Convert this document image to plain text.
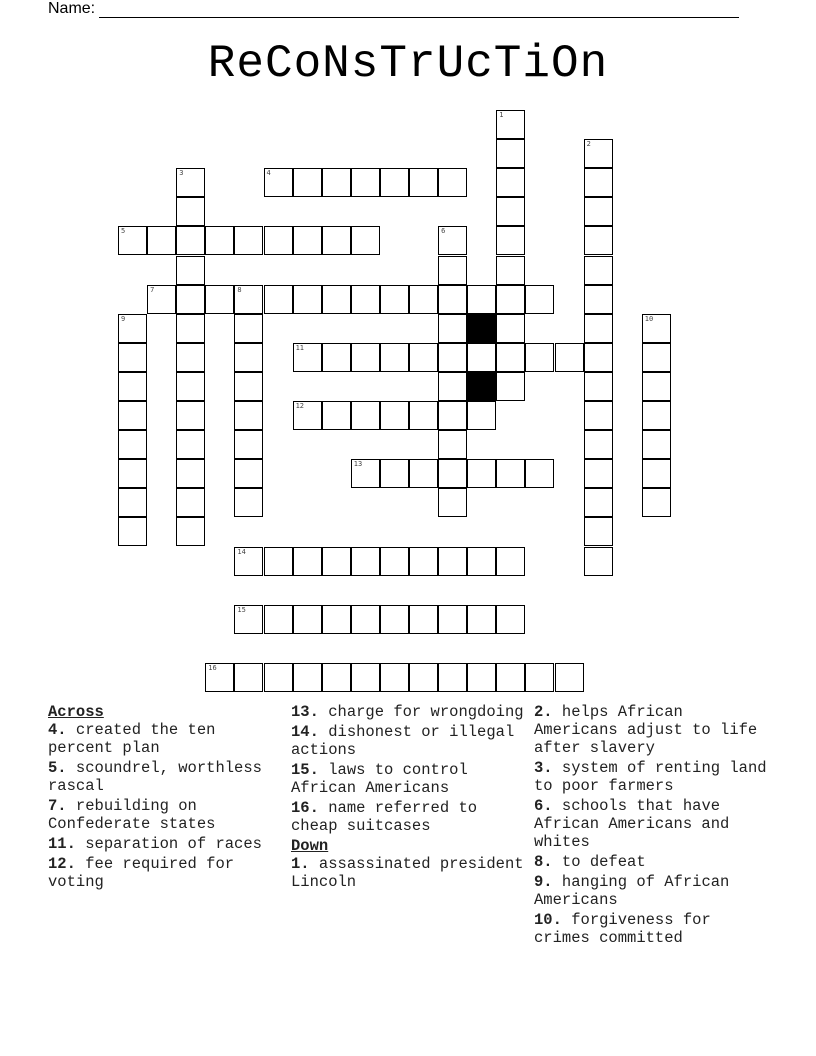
Name:
ReCoNsTrUcTiOn
1
2
3	4
5	6
7	8
9	10
11
12
13
14
15
16
Across
4. created the ten percent plan
5. scoundrel, worthless rascal
7. rebuilding on Confederate states
11. separation of races
12. fee required for voting
13. charge for wrongdoing
14. dishonest or illegal actions
15. laws to control African Americans
16. name referred to cheap suitcases
Down
1. assassinated president Lincoln
2. helps African Americans adjust to life after slavery
3. system of renting land to poor farmers
6. schools that have African Americans and whites
8. to defeat
9. hanging of African Americans
10. forgiveness for crimes committed
